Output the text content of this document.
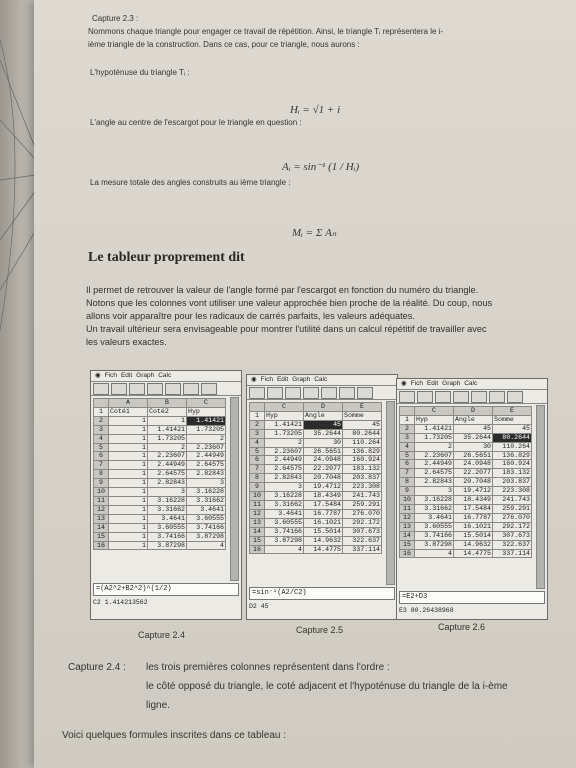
Capture 2.3 :
Nommons chaque triangle pour engager ce travail de répétition. Ainsi, le triangle Tᵢ représentera le i-
ième triangle de la construction. Dans ce cas, pour ce triangle, nous aurons :
L'hypoténuse du triangle Tᵢ :
Hᵢ = √1 + i
L'angle au centre de l'escargot pour le triangle en question :
Aᵢ = sin⁻¹ (1 / Hᵢ)
La mesure totale des angles construits au ième triangle :
Mᵢ = Σ Aₙ
Le tableur proprement dit
Il permet de retrouver la valeur de l'angle formé par l'escargot en fonction du numéro du triangle.
Notons que les colonnes vont utiliser une valeur approchée bien proche de la réalité. Du coup, nous
allons voir apparaître pour les radicaux de carrés parfaits, les valeurs adéquates.
Un travail ultérieur sera envisageable pour montrer l'utilité dans un calcul répétitif de travailler avec
les valeurs exactes.
◉ Fich Edit Graph Calc
	A	B	C
1	Coté1	Coté2	Hyp
2	1	1	1.41421
3	1	1.41421	1.73205
4	1	1.73205	2
5	1	2	2.23607
6	1	2.23607	2.44949
7	1	2.44949	2.64575
8	1	2.64575	2.82843
9	1	2.82843	3
10	1	3	3.16228
11	1	3.16228	3.31662
12	1	3.31662	3.4641
13	1	3.4641	3.60555
14	1	3.60555	3.74166
15	1	3.74166	3.87298
16	1	3.87298	4
=(A2^2+B2^2)^(1/2)
C2 1.414213562
◉ Fich Edit Graph Calc
	C	D	E
1	Hyp	Angle	Somme
2	1.41421	45	45
3	1.73205	35.2644	80.2644
4	2	30	110.264
5	2.23607	26.5651	136.829
6	2.44949	24.0948	160.924
7	2.64575	22.2077	183.132
8	2.82843	20.7048	203.837
9	3	19.4712	223.308
10	3.16228	18.4349	241.743
11	3.31662	17.5484	259.291
12	3.4641	16.7787	276.070
13	3.60555	16.1021	292.172
14	3.74166	15.5014	307.673
15	3.87298	14.9632	322.637
16	4	14.4775	337.114
=sin⁻¹(A2/C2)
D2 45
◉ Fich Edit Graph Calc
	C	D	E
1	Hyp	Angle	Somme
2	1.41421	45	45
3	1.73205	35.2644	80.2644
4	2	30	110.264
5	2.23607	26.5651	136.829
6	2.44949	24.0948	160.924
7	2.64575	22.2077	183.132
8	2.82843	20.7048	203.837
9	3	19.4712	223.308
10	3.16228	18.4349	241.743
11	3.31662	17.5484	259.291
12	3.4641	16.7787	276.070
13	3.60555	16.1021	292.172
14	3.74166	15.5014	307.673
15	3.87298	14.9632	322.637
16	4	14.4775	337.114
=E2+D3
E3 80.26438968
Capture 2.4	Capture 2.5	Capture 2.6
Capture 2.4 : les trois premières colonnes représentent dans l'ordre :
le côté opposé du triangle, le coté adjacent et l'hypoténuse du triangle de la i-ème
ligne.
Voici quelques formules inscrites dans ce tableau :
